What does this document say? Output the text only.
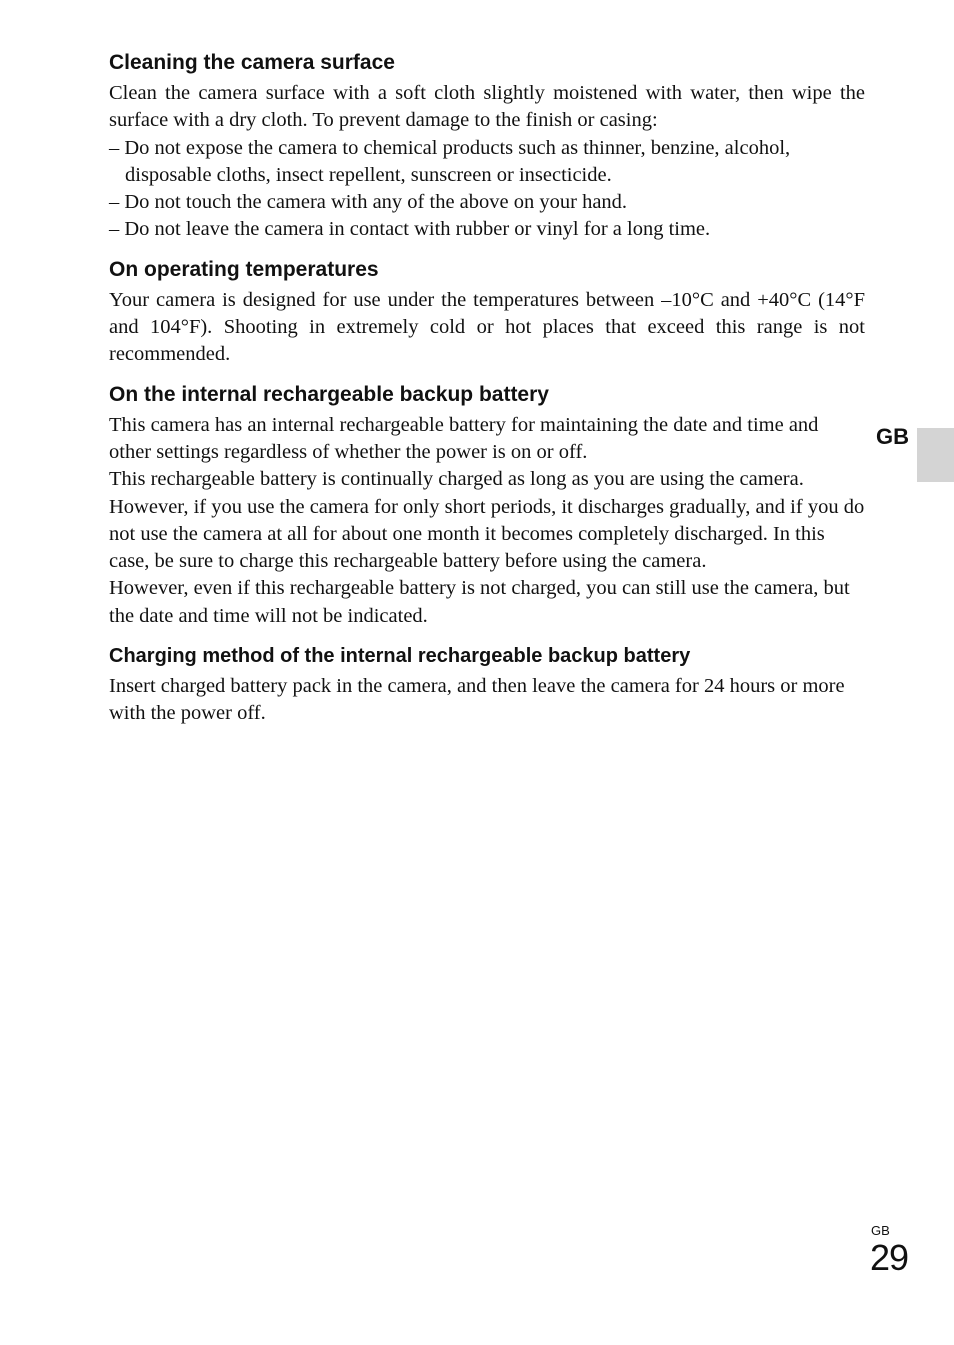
Cleaning the camera surface

Clean the camera surface with a soft cloth slightly moistened with water, then wipe the surface with a dry cloth. To prevent damage to the finish or casing:

– Do not expose the camera to chemical products such as thinner, benzine, alcohol, disposable cloths, insect repellent, sunscreen or insecticide.
– Do not touch the camera with any of the above on your hand.
– Do not leave the camera in contact with rubber or vinyl for a long time.
On operating temperatures

Your camera is designed for use under the temperatures between –10°C and +40°C (14°F and 104°F). Shooting in extremely cold or hot places that exceed this range is not recommended.

On the internal rechargeable backup battery

This camera has an internal rechargeable battery for maintaining the date and time and other settings regardless of whether the power is on or off.

This rechargeable battery is continually charged as long as you are using the camera. However, if you use the camera for only short periods, it discharges gradually, and if you do not use the camera at all for about one month it becomes completely discharged. In this case, be sure to charge this rechargeable battery before using the camera.

However, even if this rechargeable battery is not charged, you can still use the camera, but the date and time will not be indicated.

Charging method of the internal rechargeable backup battery

Insert charged battery pack in the camera, and then leave the camera for 24 hours or more with the power off.

GB
GB
29
